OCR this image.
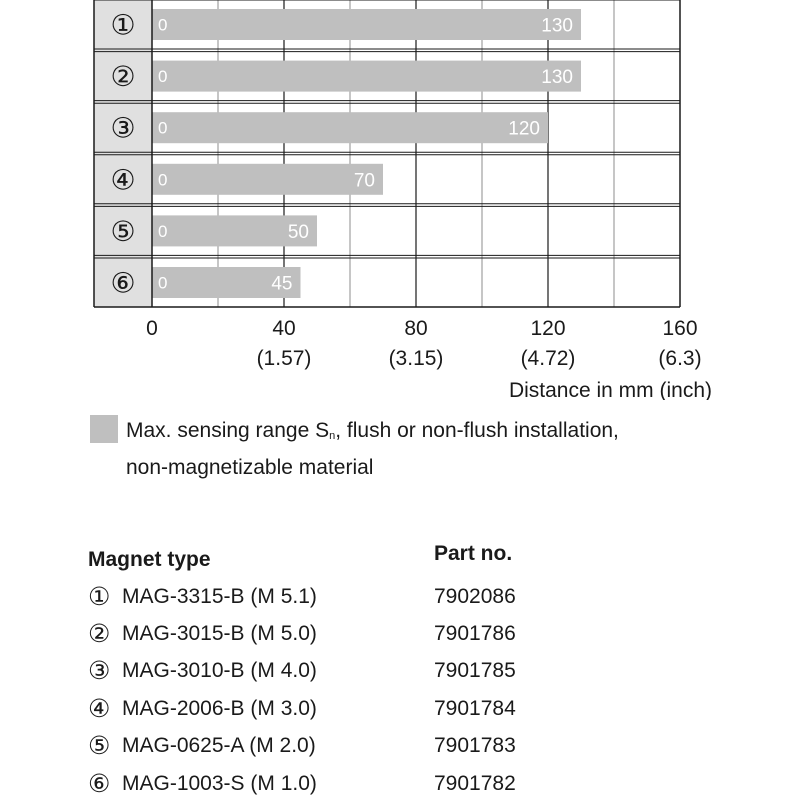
0	130
①
0	130
②
0	120
③
0	70
④
0	50
⑤
0	45
⑥
0	40
(1.57)
80
(3.15)
120
(4.72)
160
(6.3)
Distance in mm (inch)
Max. sensing range Sn, flush or non-flush installation,
non-magnetizable material
Magnet type	Part no.
① MAG-3315-B (M 5.1)	7902086
② MAG-3015-B (M 5.0)	7901786
③ MAG-3010-B (M 4.0)	7901785
④ MAG-2006-B (M 3.0)	7901784
⑤ MAG-0625-A (M 2.0)	7901783
⑥ MAG-1003-S (M 1.0)	7901782
